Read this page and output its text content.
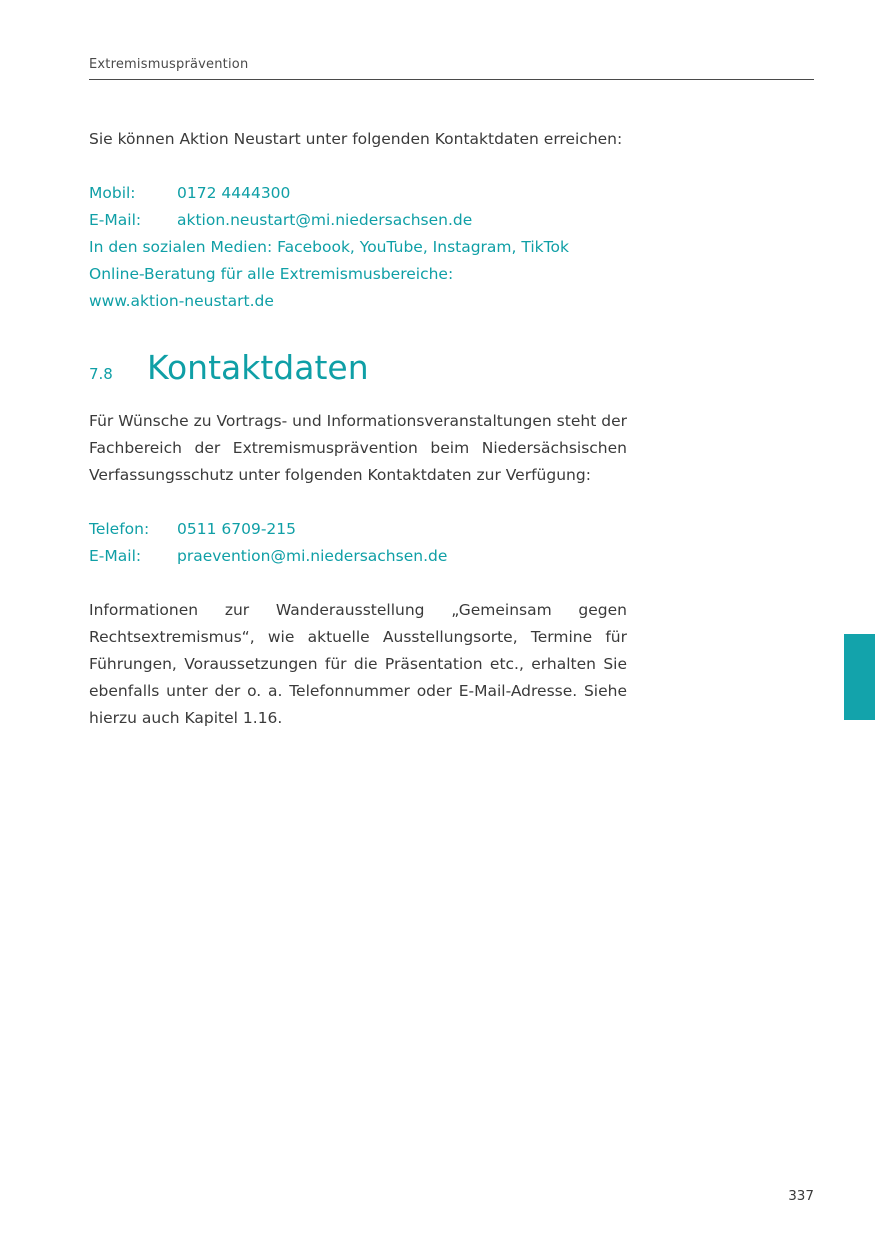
Extremismusprävention

Sie können Aktion Neustart unter folgenden Kontaktdaten erreichen:

Mobil:	0172 4444300
E-Mail:	aktion.neustart@mi.niedersachsen.de
In den sozialen Medien: Facebook, YouTube, Instagram, TikTok
Online-Beratung für alle Extremismusbereiche:
www.aktion-neustart.de
7.8	Kontaktdaten

Für Wünsche zu Vortrags- und Informationsveranstaltungen steht der Fachbereich der Extremismusprävention beim Niedersächsischen Verfassungsschutz unter folgenden Kontaktdaten zur Verfügung:

Telefon:	0511 6709-215
E-Mail:	praevention@mi.niedersachsen.de

Informationen zur Wanderausstellung „Gemeinsam gegen Rechtsextremismus“, wie aktuelle Ausstellungsorte, Termine für Führungen, Voraussetzungen für die Präsentation etc., erhalten Sie ebenfalls unter der o. a. Telefonnummer oder E-Mail-Adresse. Siehe hierzu auch Kapitel 1.16.

337
